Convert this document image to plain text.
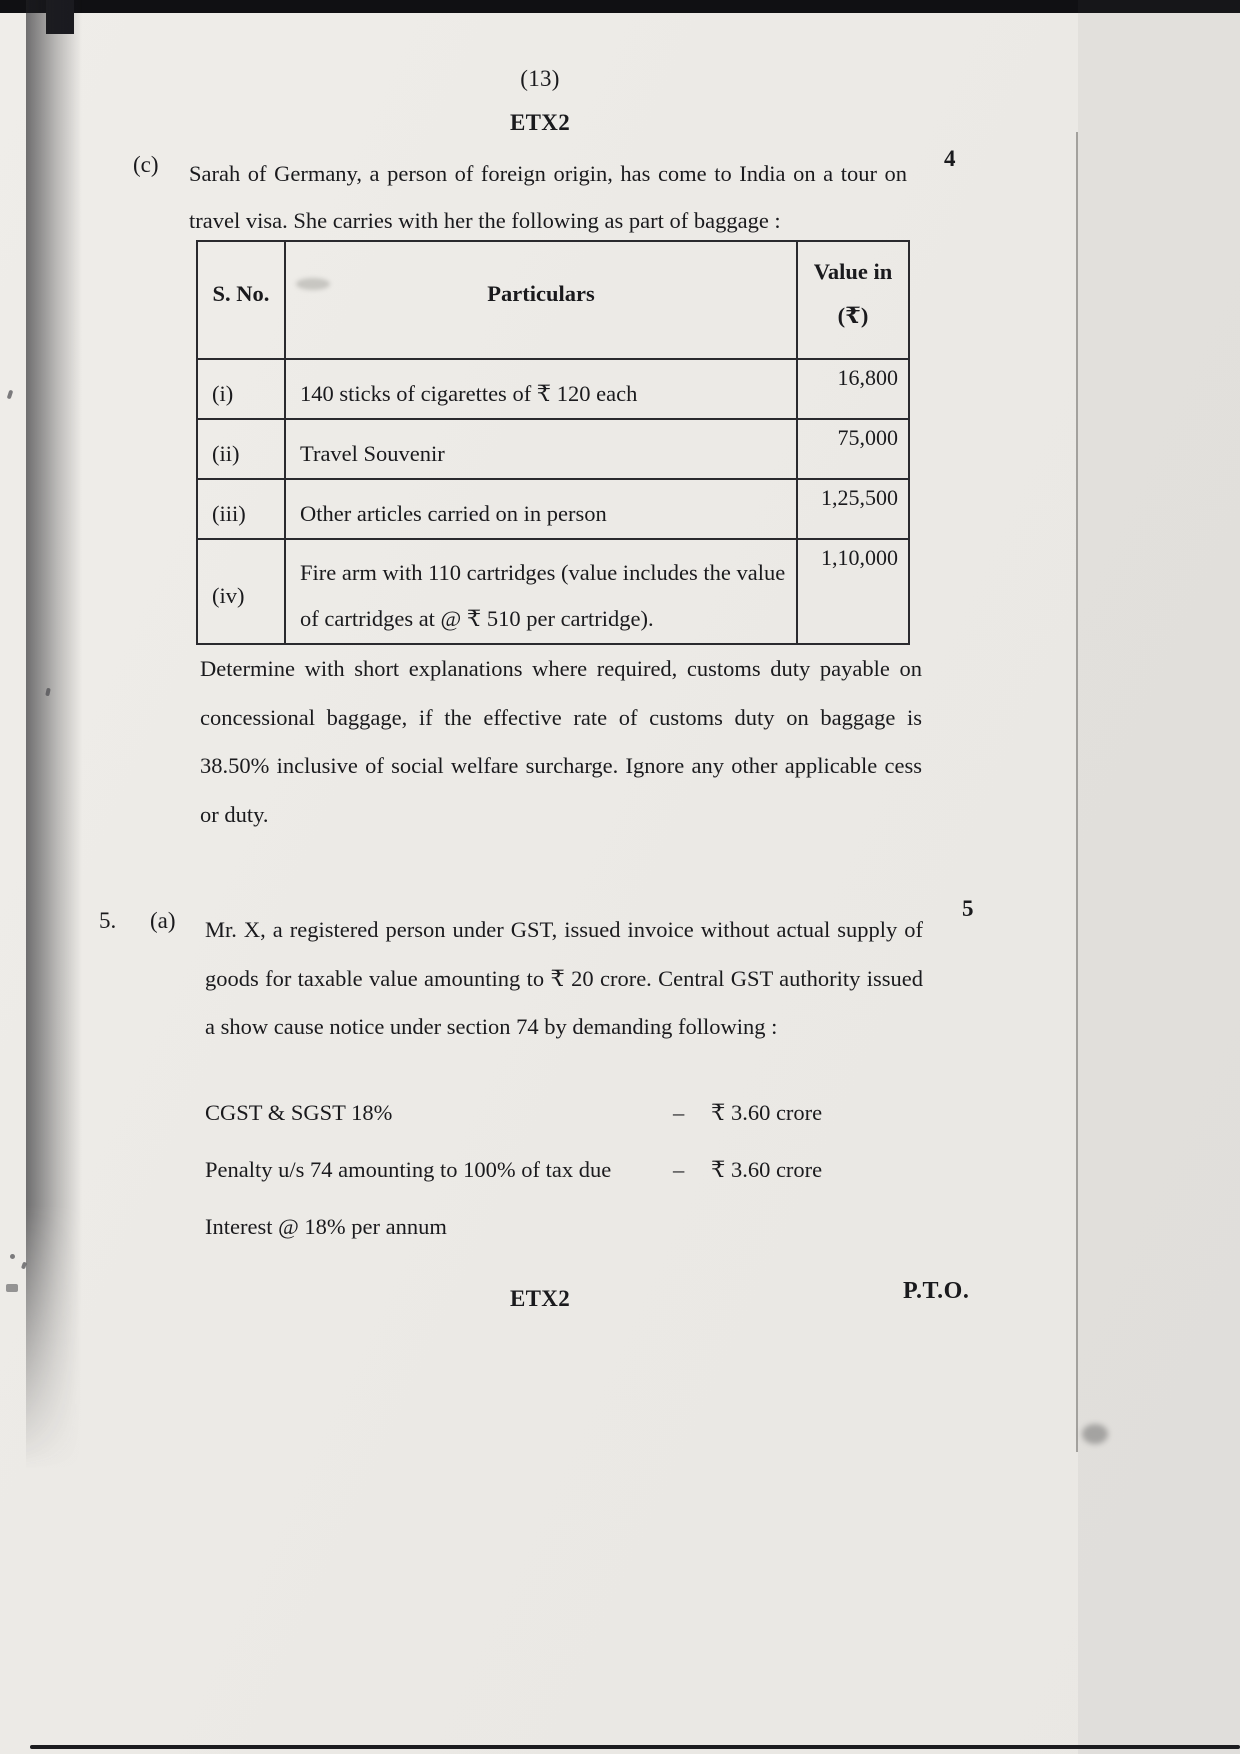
(13)
ETX2
(c)	4
Sarah of Germany, a person of foreign origin, has come to India on a tour on travel visa. She carries with her the following as part of baggage :
S. No.	Particulars	Value in
(₹)

(i)	140 sticks of cigarettes of ₹ 120 each	16,800
(ii)	Travel Souvenir	75,000
(iii)	Other articles carried on in person	1,25,500
(iv)	Fire arm with 110 cartridges (value includes the value of cartridges at @ ₹ 510 per cartridge).	1,10,000
Determine with short explanations where required, customs duty payable on concessional baggage, if the effective rate of customs duty on baggage is 38.50% inclusive of social welfare surcharge. Ignore any other applicable cess or duty.
5. (a)	5
Mr. X, a registered person under GST, issued invoice without actual supply of goods for taxable value amounting to ₹ 20 crore. Central GST authority issued a show cause notice under section 74 by demanding following :
CGST & SGST 18%	–	₹ 3.60 crore
Penalty u/s 74 amounting to 100% of tax due	–	₹ 3.60 crore
Interest @ 18% per annum
ETX2	P.T.O.
